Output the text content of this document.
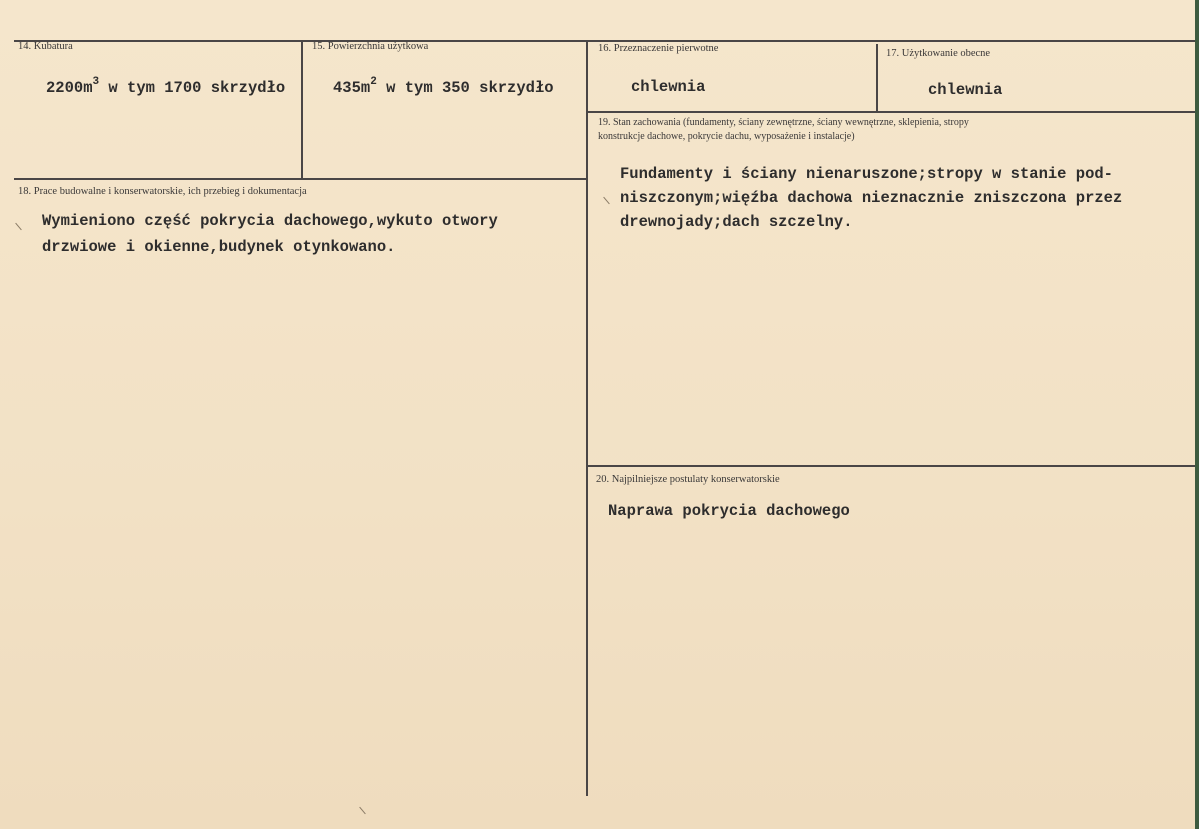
14. Kubatura
$2200m^3$ w tym 1700 skrzydło
15. Powierzchnia użytkowa
$435m^2$ w tym 350 skrzydło
16. Przeznaczenie pierwotne
chlewnia
17. Użytkowanie obecne
chlewnia
18. Prace budowalne i konserwatorskie, ich przebieg i dokumentacja
Wymieniono część pokrycia dachowego,wykuto otwory
drzwiowe i okienne,budynek otynkowano.
19. Stan zachowania (fundamenty, ściany zewnętrzne, ściany wewnętrzne, sklepienia, stropy
konstrukcje dachowe, pokrycie dachu, wyposażenie i instalacje)
Fundamenty i ściany nienaruszone;stropy w stanie pod-
niszczonym;więźba dachowa nieznacznie zniszczona przez
drewnojady;dach szczelny.
20. Najpilniejsze postulaty konserwatorskie
Naprawa pokrycia dachowego
